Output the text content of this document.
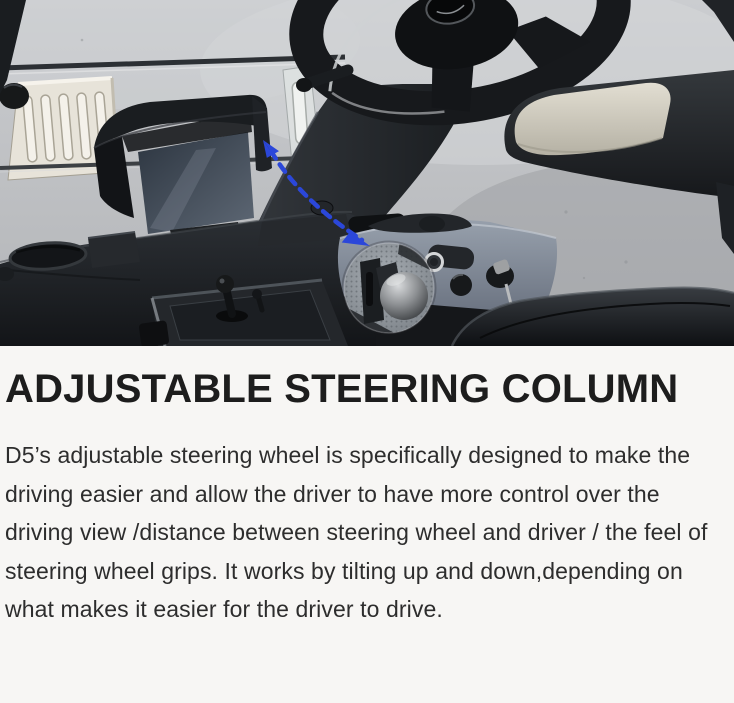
ADJUSTABLE STEERING COLUMN

D5’s adjustable steering wheel is specifically designed to make the driving easier and allow the driver to have more control over the driving view /distance between steering wheel and driver / the feel of steering wheel grips. It works by tilting up and down,depending on what makes it easier for the driver to drive.
